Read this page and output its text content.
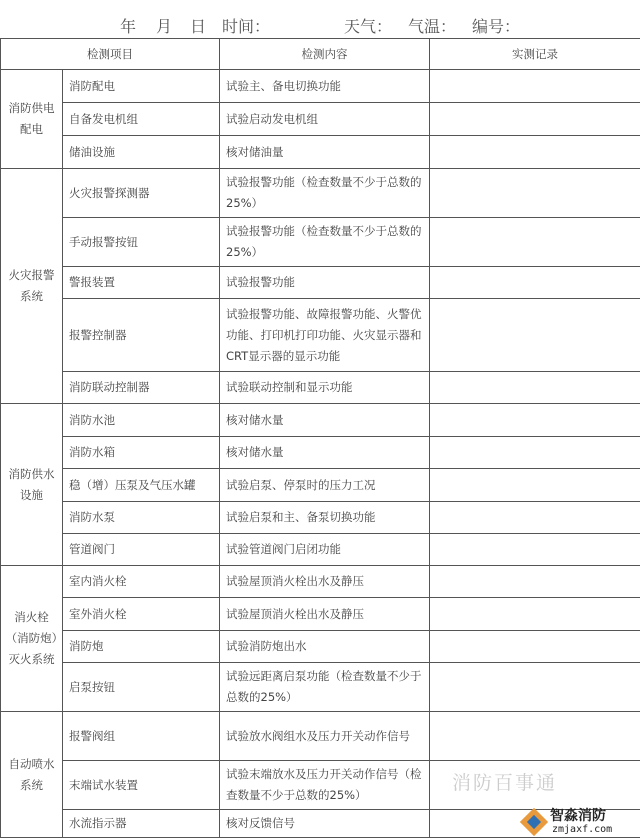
年 月 日 时间：	天气： 气温： 编号：
检测项目		检测内容	实测记录
消防供电配电	消防配电	试验主、备电切换功能	
	自备发电机组	试验启动发电机组	
	储油设施	核对储油量	
火灾报警系统	火灾报警探测器	试验报警功能（检查数量不少于总数的25%）	
	手动报警按钮	试验报警功能（检查数量不少于总数的25%）	
	警报装置	试验报警功能	
	报警控制器	试验报警功能、故障报警功能、火警优功能、打印机打印功能、火灾显示器和CRT显示器的显示功能	
	消防联动控制器	试验联动控制和显示功能	
消防供水设施	消防水池	核对储水量	
	消防水箱	核对储水量	
	稳（增）压泵及气压水罐	试验启泵、停泵时的压力工况	
	消防水泵	试验启泵和主、备泵切换功能	
	管道阀门	试验管道阀门启闭功能	
消火栓（消防炮）灭火系统	室内消火栓	试验屋顶消火栓出水及静压	
	室外消火栓	试验屋顶消火栓出水及静压	
	消防炮	试验消防炮出水	
	启泵按钮	试验远距离启泵功能（检查数量不少于总数的25%）	
自动喷水系统	报警阀组	试验放水阀组水及压力开关动作信号	
	末端试水装置	试验末端放水及压力开关动作信号（检查数量不少于总数的25%）	
	水流指示器	核对反馈信号	
消防百事通
智淼消防
zmjaxf.com
